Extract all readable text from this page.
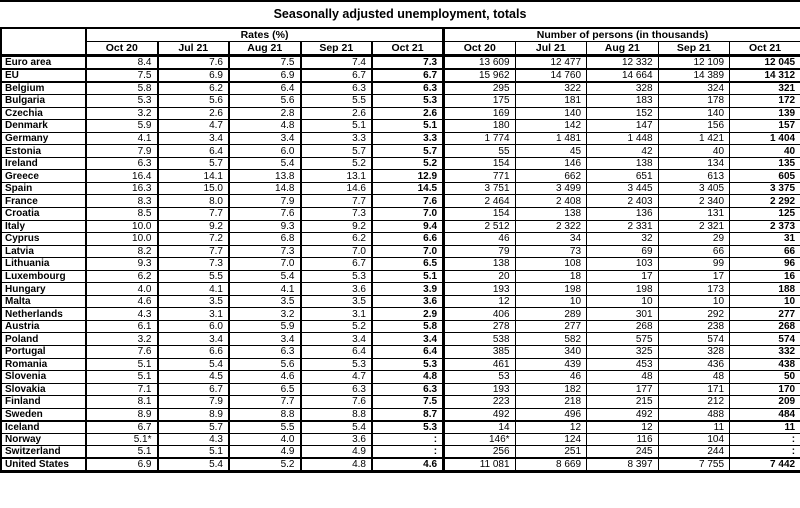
Seasonally adjusted unemployment, totals
	Rates (%)					Number of persons (in thousands)				
	Oct 20	Jul 21	Aug 21	Sep 21	Oct 21	Oct 20	Jul 21	Aug 21	Sep 21	Oct 21
Euro area	8.4	7.6	7.5	7.4	7.3	13 609	12 477	12 332	12 109	12 045
EU	7.5	6.9	6.9	6.7	6.7	15 962	14 760	14 664	14 389	14 312
Belgium	5.8	6.2	6.4	6.3	6.3	295	322	328	324	321
Bulgaria	5.3	5.6	5.6	5.5	5.3	175	181	183	178	172
Czechia	3.2	2.6	2.8	2.6	2.6	169	140	152	140	139
Denmark	5.9	4.7	4.8	5.1	5.1	180	142	147	156	157
Germany	4.1	3.4	3.4	3.3	3.3	1 774	1 481	1 448	1 421	1 404
Estonia	7.9	6.4	6.0	5.7	5.7	55	45	42	40	40
Ireland	6.3	5.7	5.4	5.2	5.2	154	146	138	134	135
Greece	16.4	14.1	13.8	13.1	12.9	771	662	651	613	605
Spain	16.3	15.0	14.8	14.6	14.5	3 751	3 499	3 445	3 405	3 375
France	8.3	8.0	7.9	7.7	7.6	2 464	2 408	2 403	2 340	2 292
Croatia	8.5	7.7	7.6	7.3	7.0	154	138	136	131	125
Italy	10.0	9.2	9.3	9.2	9.4	2 512	2 322	2 331	2 321	2 373
Cyprus	10.0	7.2	6.8	6.2	6.6	46	34	32	29	31
Latvia	8.2	7.7	7.3	7.0	7.0	79	73	69	66	66
Lithuania	9.3	7.3	7.0	6.7	6.5	138	108	103	99	96
Luxembourg	6.2	5.5	5.4	5.3	5.1	20	18	17	17	16
Hungary	4.0	4.1	4.1	3.6	3.9	193	198	198	173	188
Malta	4.6	3.5	3.5	3.5	3.6	12	10	10	10	10
Netherlands	4.3	3.1	3.2	3.1	2.9	406	289	301	292	277
Austria	6.1	6.0	5.9	5.2	5.8	278	277	268	238	268
Poland	3.2	3.4	3.4	3.4	3.4	538	582	575	574	574
Portugal	7.6	6.6	6.3	6.4	6.4	385	340	325	328	332
Romania	5.1	5.4	5.6	5.3	5.3	461	439	453	436	438
Slovenia	5.1	4.5	4.6	4.7	4.8	53	46	48	48	50
Slovakia	7.1	6.7	6.5	6.3	6.3	193	182	177	171	170
Finland	8.1	7.9	7.7	7.6	7.5	223	218	215	212	209
Sweden	8.9	8.9	8.8	8.8	8.7	492	496	492	488	484
Iceland	6.7	5.7	5.5	5.4	5.3	14	12	12	11	11
Norway	5.1*	4.3	4.0	3.6	:	146*	124	116	104	:
Switzerland	5.1	5.1	4.9	4.9	:	256	251	245	244	:
United States	6.9	5.4	5.2	4.8	4.6	11 081	8 669	8 397	7 755	7 442
